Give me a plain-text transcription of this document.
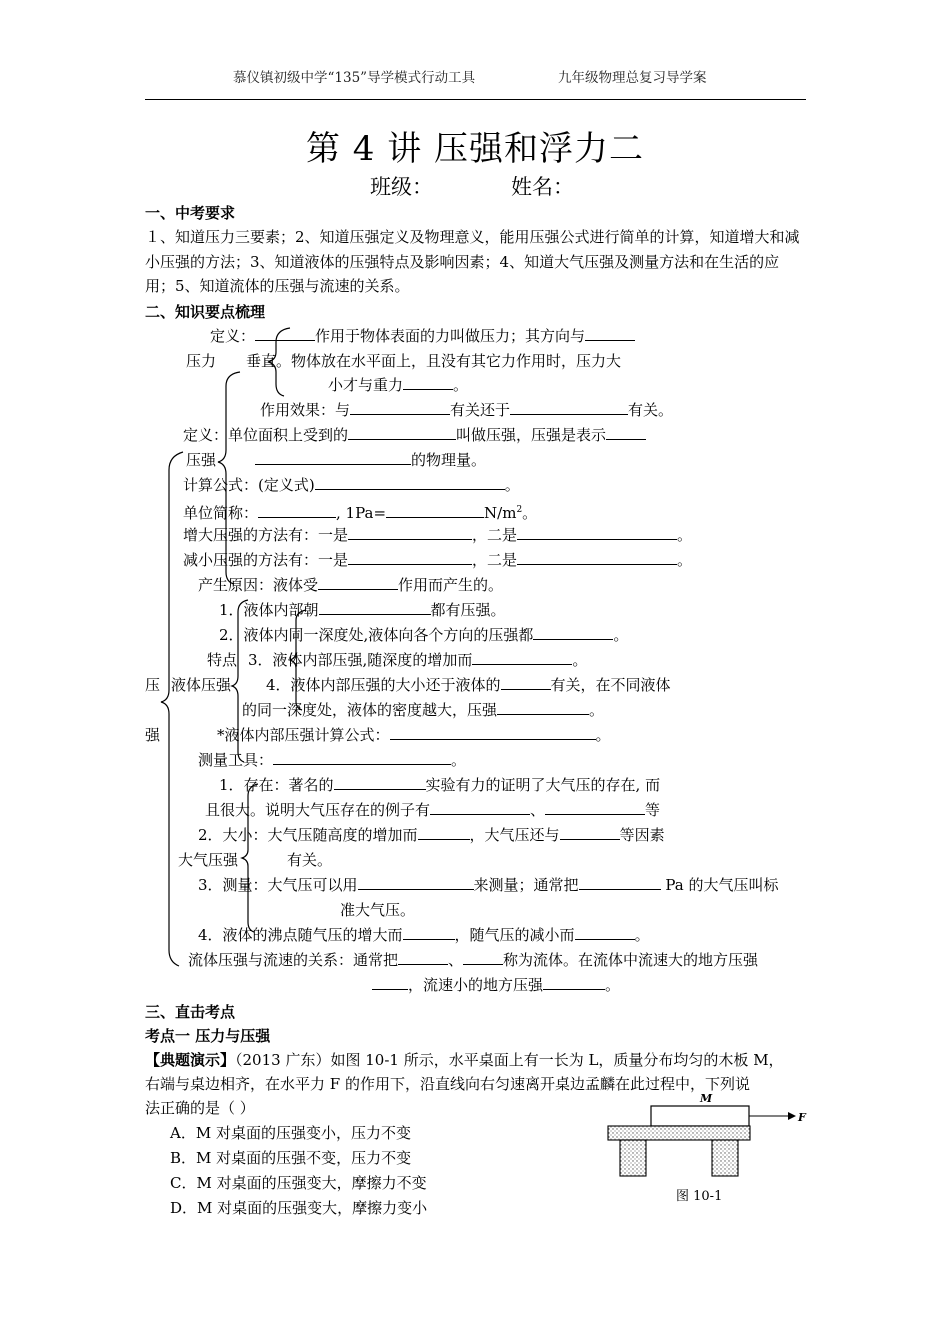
慕仪镇初级中学“135”导学模式行动工具	九年级物理总复习导学案
第 4 讲 压强和浮力二
班级：	姓名：
一、中考要求
１、知道压力三要素；2、知道压强定义及物理意义，能用压强公式进行简单的计算，知道增大和减小压强的方法；3、知道液体的压强特点及影响因素；4、知道大气压强及测量方法和在生活的应用；5、知道流体的压强与流速的关系。
二、知识要点梳理
定义：	作用于物体表面的力叫做压力；其方向与
压力 垂直。物体放在水平面上，且没有其它力作用时，压力大
小才与重力	。
作用效果：与	有关还于	有关。
定义：单位面积上受到的	叫做压强，压强是表示
压强	的物理量。
计算公式：(定义式)	。
单位简称：	, 1Pa=	$N/m^2$。
增大压强的方法有：一是	，二是	。
减小压强的方法有：一是	，二是	。
产生原因：液体受	作用而产生的。
1．液体内部朝	都有压强。
2．液体内同一深度处,液体向各个方向的压强都	。
特点 3．液体内部压强,随深度的增加而	。
压 液体压强 4．液体内部压强的大小还于液体的	有关，在不同液体
的同一深度处，液体的密度越大，压强	。
强	*液体内部压强计算公式：	。
测量工具：	。
1．存在：著名的	实验有力的证明了大气压的存在, 而
且很大。说明大气压存在的例子有	、	等
2．大小：大气压随高度的增加而	，大气压还与	等因素
大气压强	有关。
3．测量：大气压可以用	来测量；通常把	Pa 的大气压叫标
准大气压。
4．液体的沸点随气压的增大而	，随气压的减小而	。
流体压强与流速的关系：通常把	、	称为流体。在流体中流速大的地方压强
，流速小的地方压强	。
三、直击考点
考点一 压力与压强
【典题演示】（2013 广东）如图 10-1 所示，水平桌面上有一长为 L，质量分布均匀的木板 M，
右端与桌边相齐，在水平力 F 的作用下，沿直线向右匀速离开桌边孟麟在此过程中，下列说
法正确的是（ ）
A．M 对桌面的压强变小，压力不变
B．M 对桌面的压强不变，压力不变
C．M 对桌面的压强变大，摩擦力不变
D．M 对桌面的压强变大，摩擦力变小
M
F
图 10-1
